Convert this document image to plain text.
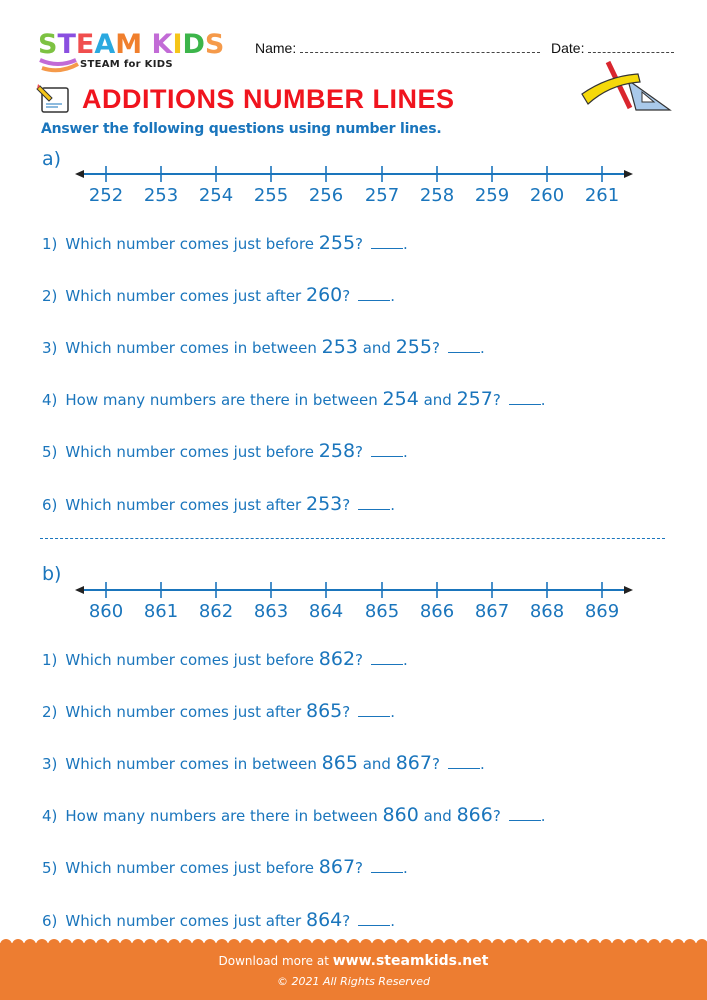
STEAM KIDS
STEAM for KIDS
Name:	Date:
ADDITIONS NUMBER LINES
Answer the following questions using number lines.
a)
252	253	254	255	256	257	258	259	260	261
1) Which number comes just before 255?	.
2) Which number comes just after 260?	.
3) Which number comes in between 253 and 255?	.
4) How many numbers are there in between 254 and 257?	.
5) Which number comes just before 258?	.
6) Which number comes just after 253?	.
b)
860	861	862	863	864	865	866	867	868	869
1) Which number comes just before 862?	.
2) Which number comes just after 865?	.
3) Which number comes in between 865 and 867?	.
4) How many numbers are there in between 860 and 866?	.
5) Which number comes just before 867?	.
6) Which number comes just after 864?	.
Download more at www.steamkids.net
© 2021 All Rights Reserved
